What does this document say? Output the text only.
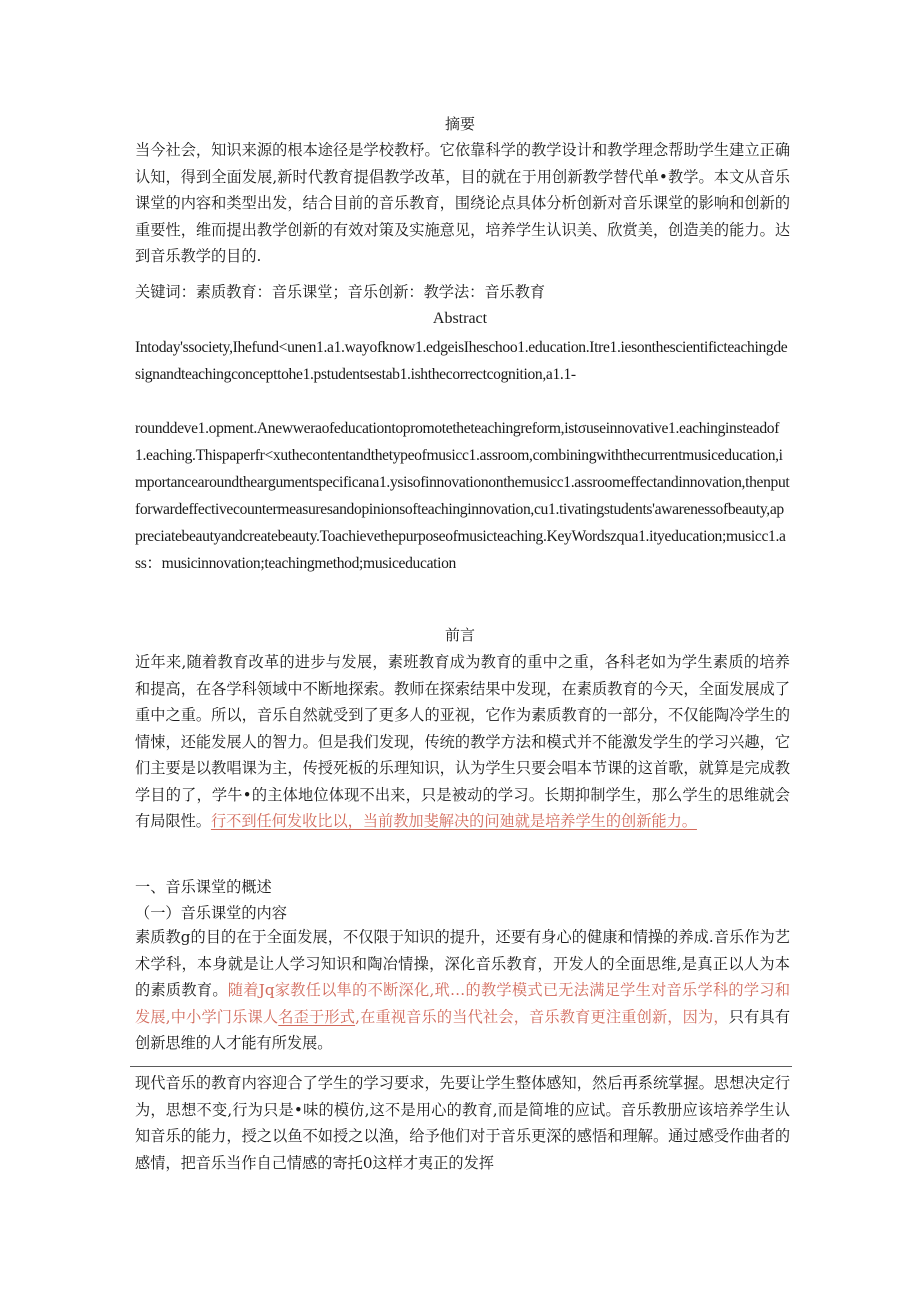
摘要
当今社会，知识来源的根本途径是学校教杼。它依靠科学的教学设计和教学理念帮助学生建立正确认知，得到全面发展,新时代教育提倡教学改革，目的就在于用创新教学替代单•教学。本文从音乐课堂的内容和类型出发，结合目前的音乐教育，围绕论点具体分析创新对音乐课堂的影响和创新的重要性，维而提出教学创新的有效对策及实施意见，培养学生认识美、欣赏美，创造美的能力。达到音乐教学的目的.
关键词：素质教育：音乐课堂；音乐创新：教学法：音乐教育
Abstract
Intoday'ssociety,Ihefund<unen1.a1.wayofknow1.edgeisIheschoo1.education.Itre1.iesonthescientificteachingdesignandteachingconcepttohe1.pstudentsestab1.ishthecorrectcognition,a1.1-
rounddeve1.opment.Anewweraofeducationtopromotetheteachingreform,istσuseinnovative1.eachinginsteadof1.eaching.Thispaperfr<xuthecontentandthetypeofmusicc1.assroom,combiningwiththecurrentmusiceducation,importancearoundtheargumentspecificana1.ysisofinnovationonthemusicc1.assroomeffectandinnovation,thenputforwardeffectivecountermeasuresandopinionsofteachinginnovation,cu1.tivatingstudents'awarenessofbeauty,appreciatebeautyandcreatebeauty.Toachievethepurposeofmusicteaching.KeyWordszqua1.ityeducation;musicc1.ass：musicinnovation;teachingmethod;musiceducation
前言
近年来,随着教育改革的进步与发展，素班教育成为教育的重中之重，各科老如为学生素质的培养和提高，在各学科领域中不断地探索。教师在探索结果中发现，在素质教育的今天，全面发展成了重中之重。所以，音乐自然就受到了更多人的亚视，它作为素质教育的一部分，不仅能陶冷学生的情悚，还能发展人的智力。但是我们发现，传统的教学方法和模式并不能激发学生的学习兴趣，它们主要是以教唱课为主，传授死板的乐理知识，认为学生只要会唱本节课的这首歌，就算是完成教学目的了，学牛•的主体地位体现不出来，只是被动的学习。长期抑制学生，那么学生的思维就会有局限性。行不到任何发收比以，当前教加斐解决的问廸就是培养学生的创新能力。
一、音乐课堂的概述
（一）音乐课堂的内容
素质教g的目的在于全面发展，不仅限于知识的提升，还要有身心的健康和情操的养成.音乐作为艺术学科，本身就是让人学习知识和陶冶情操，深化音乐教育，开发人的全面思维,是真正以人为本的素质教育。随着Jq家教任以隼的不断深化,玳…的教学模式已无法满足学生对音乐学科的学习和发展,中小学门乐课人名歪于形式,在重视音乐的当代社会，音乐教育更注重创新，因为，只有具有创新思维的人才能有所发展。
现代音乐的教育内容迎合了学生的学习要求，先要让学生整体感知，然后再系统掌握。思想决定行为，思想不变,行为只是•味的模仿,这不是用心的教育,而是简堆的应试。音乐教册应该培养学生认知音乐的能力，授之以鱼不如授之以渔，给予他们对于音乐更深的感悟和理解。通过感受作曲者的感情，把音乐当作自己情感的寄托0这样才夷正的发挥
